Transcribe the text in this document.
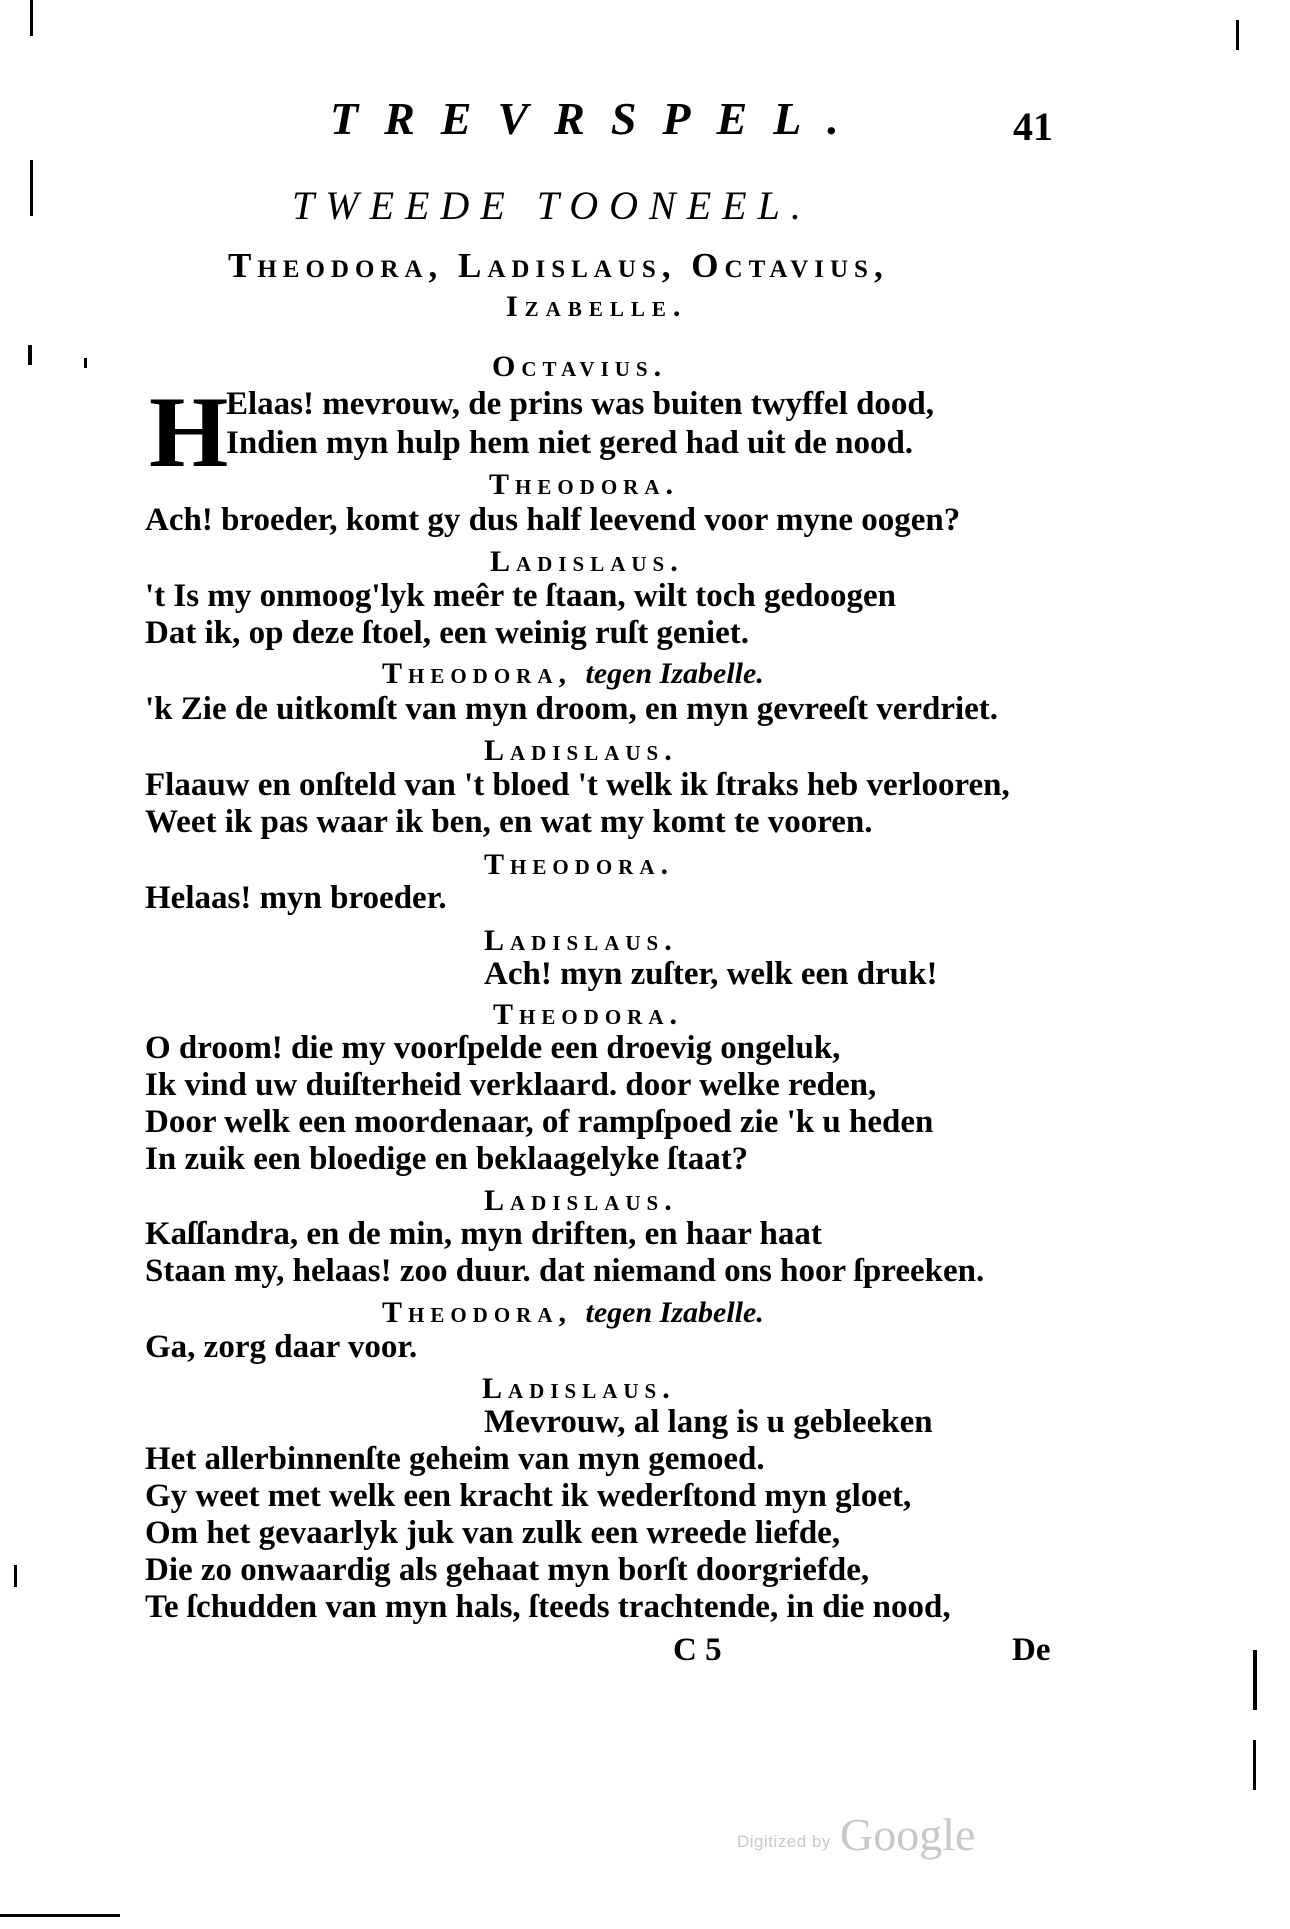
TREVRSPEL.	41
TWEEDE TOONEEL.
Theodora, Ladislaus, Octavius,
Izabelle.
H
Octavius.
Elaas! mevrouw, de prins was buiten twyffel dood,
Indien myn hulp hem niet gered had uit de nood.
Theodora.
Ach! broeder, komt gy dus half leevend voor myne oogen?
Ladislaus.
't Is my onmoog'lyk meêr te ſtaan, wilt toch gedoogen
Dat ik, op deze ſtoel, een weinig ruſt geniet.
Theodora, tegen Izabelle.
'k Zie de uitkomſt van myn droom, en myn gevreeſt verdriet.
Ladislaus.
Flaauw en onſteld van 't bloed 't welk ik ſtraks heb verlooren,
Weet ik pas waar ik ben, en wat my komt te vooren.
Theodora.
Helaas! myn broeder.
Ladislaus.
Ach! myn zuſter, welk een druk!
Theodora.
O droom! die my voorſpelde een droevig ongeluk,
Ik vind uw duiſterheid verklaard. door welke reden,
Door welk een moordenaar, of rampſpoed zie 'k u heden
In zuik een bloedige en beklaagelyke ſtaat?
Ladislaus.
Kaſſandra, en de min, myn driften, en haar haat
Staan my, helaas! zoo duur. dat niemand ons hoor ſpreeken.
Theodora, tegen Izabelle.
Ga, zorg daar voor.
Ladislaus.
Mevrouw, al lang is u gebleeken
Het allerbinnenſte geheim van myn gemoed.
Gy weet met welk een kracht ik wederſtond myn gloet,
Om het gevaarlyk juk van zulk een wreede liefde,
Die zo onwaardig als gehaat myn borſt doorgriefde,
Te ſchudden van myn hals, ſteeds trachtende, in die nood,
C 5	De
Digitized by Google
